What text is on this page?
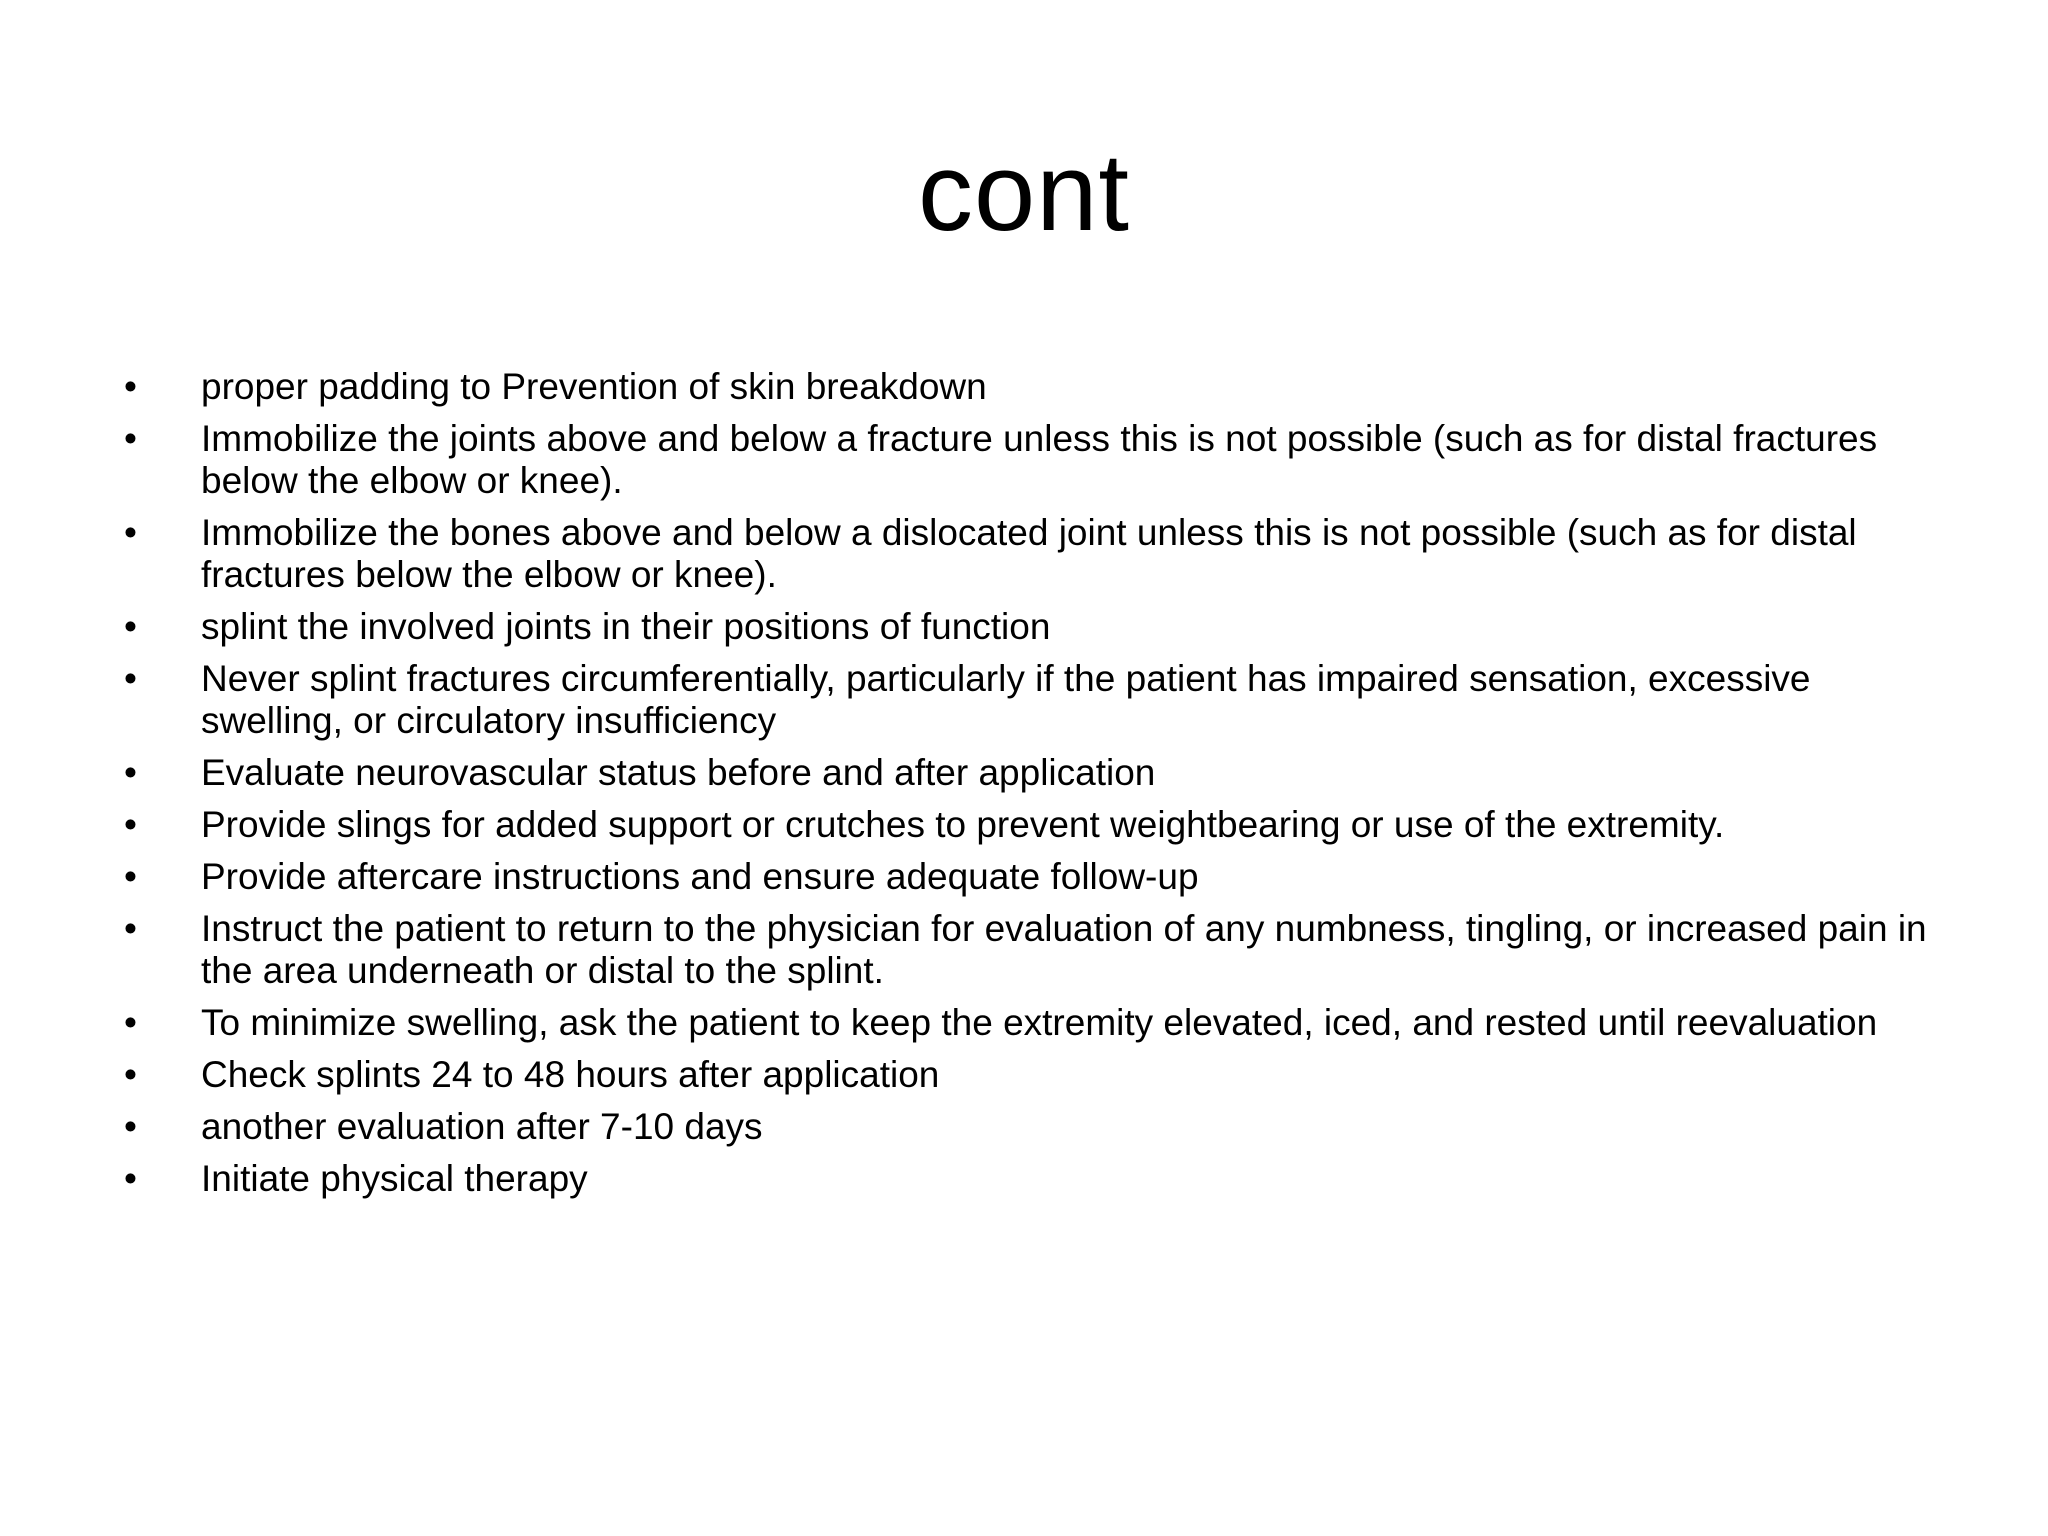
cont
•	proper padding to Prevention of skin breakdown
•	Immobilize the joints above and below a fracture unless this is not possible (such as for distal fractures below the elbow or knee).
•	Immobilize the bones above and below a dislocated joint unless this is not possible (such as for distal fractures below the elbow or knee).
•	splint the involved joints in their positions of function
•	Never splint fractures circumferentially, particularly if the patient has impaired sensation, excessive swelling, or circulatory insufficiency
•	Evaluate neurovascular status before and after application
•	Provide slings for added support or crutches to prevent weightbearing or use of the extremity.
•	Provide aftercare instructions and ensure adequate follow-up
•	Instruct the patient to return to the physician for evaluation of any numbness, tingling, or increased pain in the area underneath or distal to the splint.
•	To minimize swelling, ask the patient to keep the extremity elevated, iced, and rested until reevaluation
•	Check splints 24 to 48 hours after application
•	another evaluation after 7-10 days
•	Initiate physical therapy
